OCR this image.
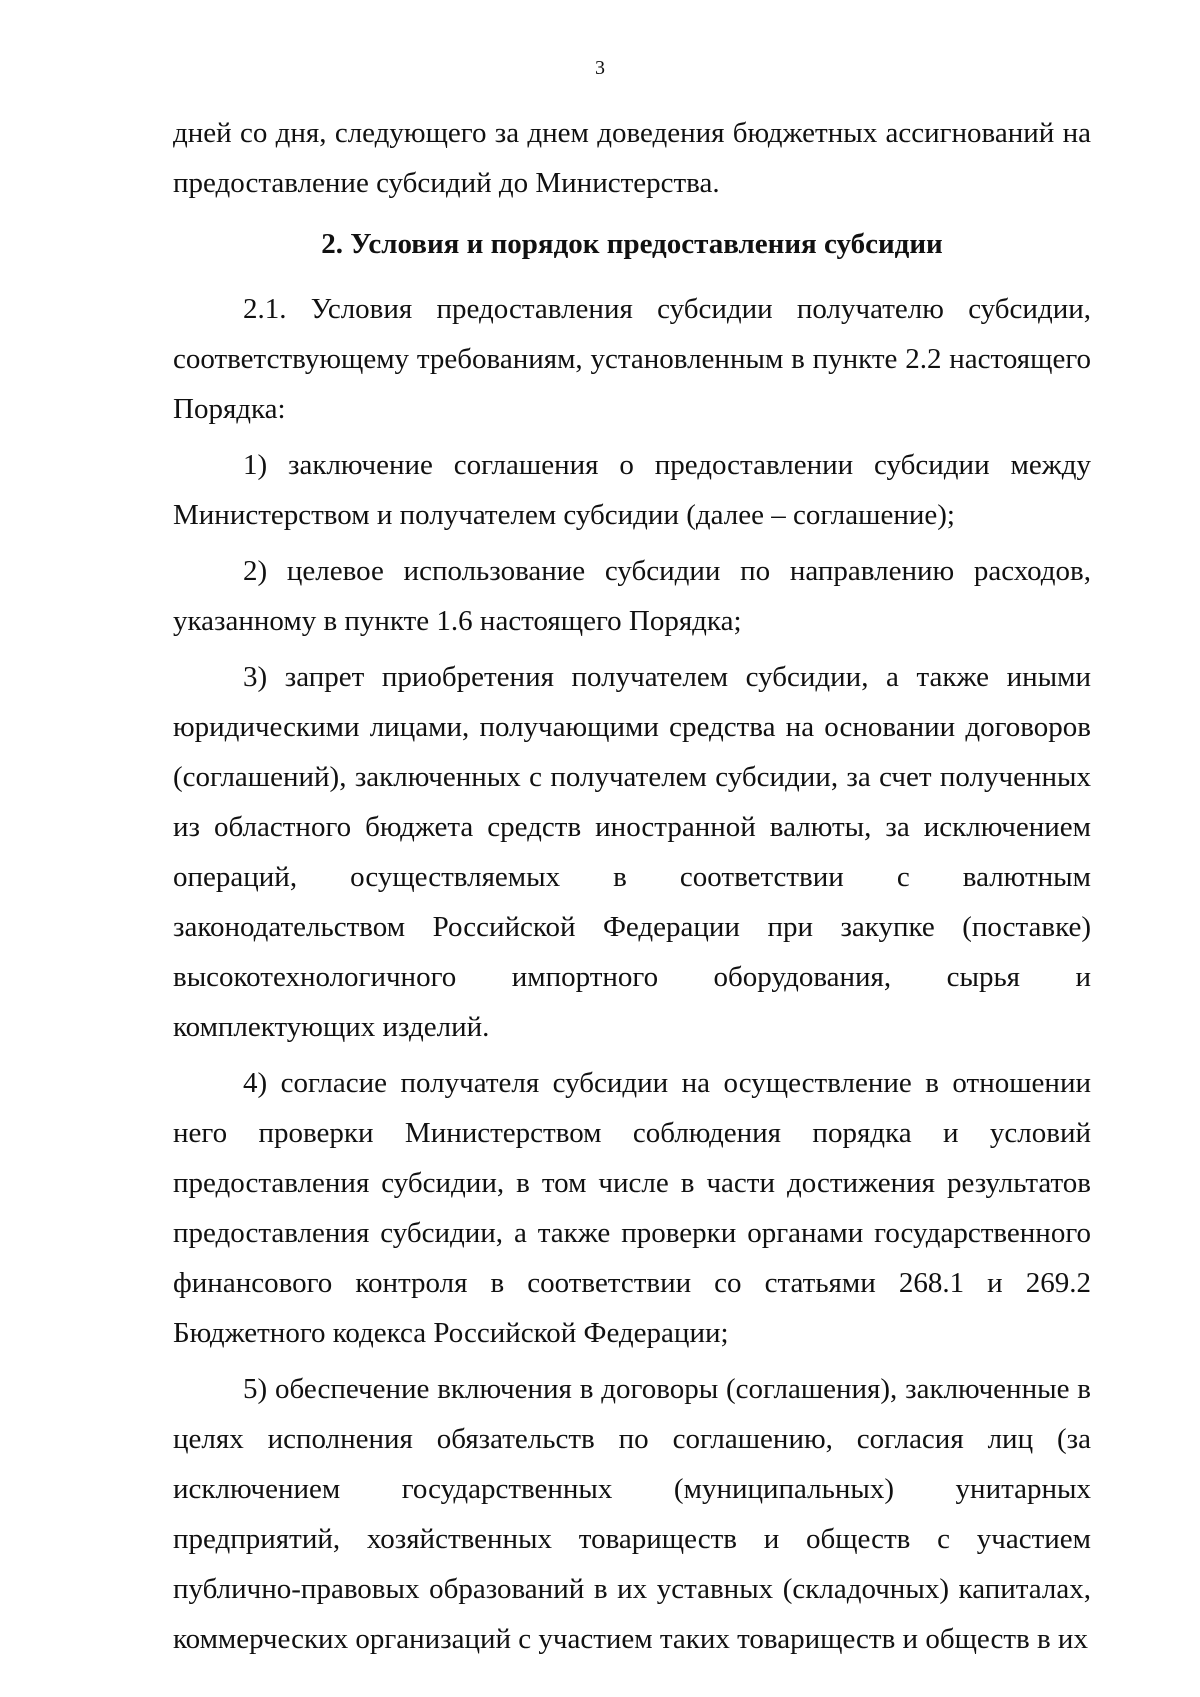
3

дней со дня, следующего за днем доведения бюджетных ассигнований на предоставление субсидий до Министерства.

2. Условия и порядок предоставления субсидии

2.1. Условия предоставления субсидии получателю субсидии, соответствующему требованиям, установленным в пункте 2.2 настоящего Порядка:

1) заключение соглашения о предоставлении субсидии между Министерством и получателем субсидии (далее – соглашение);

2) целевое использование субсидии по направлению расходов, указанному в пункте 1.6 настоящего Порядка;

3) запрет приобретения получателем субсидии, а также иными юридическими лицами, получающими средства на основании договоров (соглашений), заключенных с получателем субсидии, за счет полученных из областного бюджета средств иностранной валюты, за исключением операций, осуществляемых в соответствии с валютным законодательством Российской Федерации при закупке (поставке) высокотехнологичного импортного оборудования, сырья и комплектующих изделий.

4) согласие получателя субсидии на осуществление в отношении него проверки Министерством соблюдения порядка и условий предоставления субсидии, в том числе в части достижения результатов предоставления субсидии, а также проверки органами государственного финансового контроля в соответствии со статьями 268.1 и 269.2 Бюджетного кодекса Российской Федерации;

5) обеспечение включения в договоры (соглашения), заключенные в целях исполнения обязательств по соглашению, согласия лиц (за исключением государственных (муниципальных) унитарных предприятий, хозяйственных товариществ и обществ с участием публично-правовых образований в их уставных (складочных) капиталах, коммерческих организаций с участием таких товариществ и обществ в их
